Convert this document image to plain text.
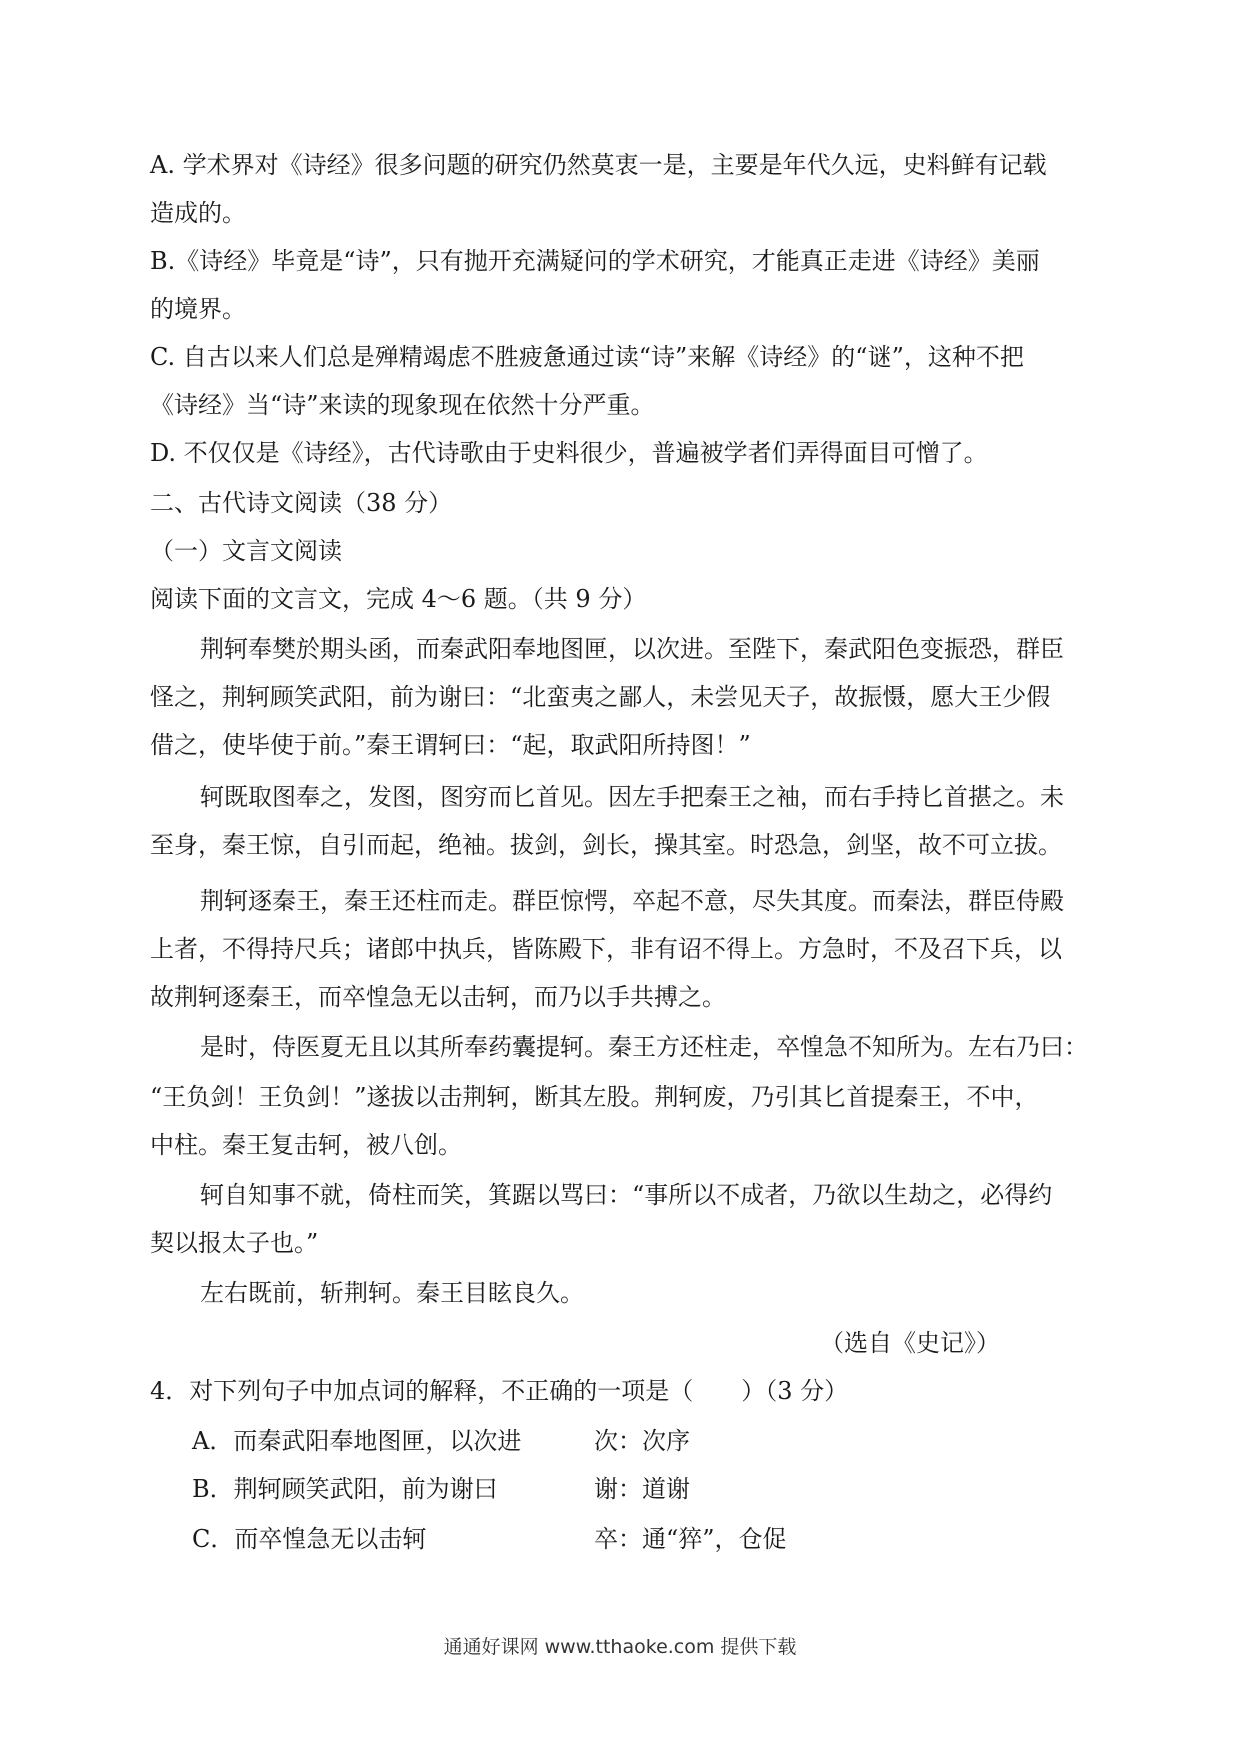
A. 学术界对《诗经》很多问题的研究仍然莫衷一是，主要是年代久远，史料鲜有记载
造成的。
B.《诗经》毕竟是“诗”，只有抛开充满疑问的学术研究，才能真正走进《诗经》美丽
的境界。
C. 自古以来人们总是殚精竭虑不胜疲惫通过读“诗”来解《诗经》的“谜”，这种不把
《诗经》当“诗”来读的现象现在依然十分严重。
D. 不仅仅是《诗经》，古代诗歌由于史料很少，普遍被学者们弄得面目可憎了。
二、古代诗文阅读（38 分）
（一）文言文阅读
阅读下面的文言文，完成 4～6 题。（共 9 分）
荆轲奉樊於期头函，而秦武阳奉地图匣，以次进。至陛下，秦武阳色变振恐，群臣
怪之，荆轲顾笑武阳，前为谢曰：“北蛮夷之鄙人，未尝见天子，故振慑，愿大王少假
借之，使毕使于前。”秦王谓轲曰：“起，取武阳所持图！”
轲既取图奉之，发图，图穷而匕首见。因左手把秦王之袖，而右手持匕首揕之。未
至身，秦王惊，自引而起，绝袖。拔剑，剑长，操其室。时恐急，剑坚，故不可立拔。
荆轲逐秦王，秦王还柱而走。群臣惊愕，卒起不意，尽失其度。而秦法，群臣侍殿
上者，不得持尺兵；诸郎中执兵，皆陈殿下，非有诏不得上。方急时，不及召下兵，以
故荆轲逐秦王，而卒惶急无以击轲，而乃以手共搏之。
是时，侍医夏无且以其所奉药囊提轲。秦王方还柱走，卒惶急不知所为。左右乃曰：
“王负剑！王负剑！”遂拔以击荆轲，断其左股。荆轲废，乃引其匕首提秦王，不中，
中柱。秦王复击轲，被八创。
轲自知事不就，倚柱而笑，箕踞以骂曰：“事所以不成者，乃欲以生劫之，必得约
契以报太子也。”
左右既前，斩荆轲。秦王目眩良久。
（选自《史记》）
4．对下列句子中加点词的解释，不正确的一项是（　　）（3 分）
A．而秦武阳奉地图匣，以次进	次：次序
B．荆轲顾笑武阳，前为谢曰	谢：道谢
C．而卒惶急无以击轲	卒：通“猝”，仓促
通通好课网 www.tthaoke.com 提供下载
